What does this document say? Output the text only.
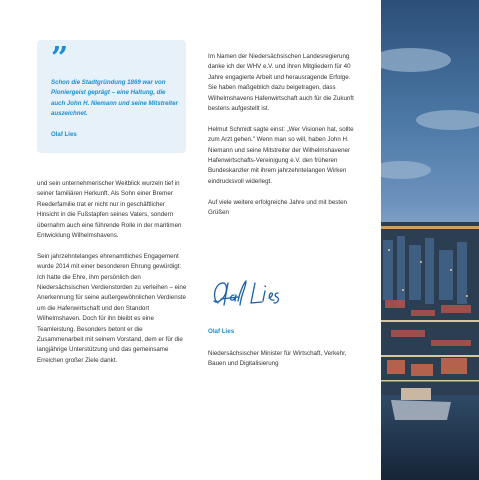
”
Schon die Stadtgründung 1869 war von Pioniergeist geprägt – eine Haltung, die auch John H. Niemann und seine Mitstreiter auszeichnet.
Olaf Lies

und sein unternehmerischer Weitblick wurzeln tief in seiner familiären Herkunft. Als Sohn einer Bremer Reederfamilie trat er nicht nur in geschäftlicher Hinsicht in die Fußstapfen seines Vaters, sondern übernahm auch eine führende Rolle in der maritimen Entwicklung Wilhelmshavens.

Sein jahrzehntelanges ehrenamtliches Engagement wurde 2014 mit einer besonderen Ehrung gewürdigt: Ich hatte die Ehre, ihm persönlich den Niedersächsischen Verdienstorden zu verleihen – eine Anerkennung für seine außergewöhnlichen Verdienste um die Hafenwirtschaft und den Standort Wilhelmshaven. Doch für ihn bleibt es eine Teamleistung. Besonders betont er die Zusammenarbeit mit seinem Vorstand, dem er für die langjährige Unterstützung und das gemeinsame Erreichen großer Ziele dankt.

Im Namen der Niedersächsischen Landesregierung danke ich der WHV e.V. und ihren Mitgliedern für 40 Jahre engagierte Arbeit und herausragende Erfolge. Sie haben maßgeblich dazu beigetragen, dass Wilhelmshavens Hafenwirtschaft auch für die Zukunft bestens aufgestellt ist.

Helmut Schmidt sagte einst: „Wer Visionen hat, sollte zum Arzt gehen." Wenn man so will, haben John H. Niemann und seine Mitstreiter der Wilhelmshavener Hafenwirtschafts-Vereinigung e.V. den früheren Bundeskanzler mit ihrem jahrzehntelangen Wirken eindrucksvoll widerlegt.

Auf viele weitere erfolgreiche Jahre und mit besten Grüßen

Olaf Lies
Niedersächsischer Minister für Wirtschaft, Verkehr, Bauen und Digitalisierung
